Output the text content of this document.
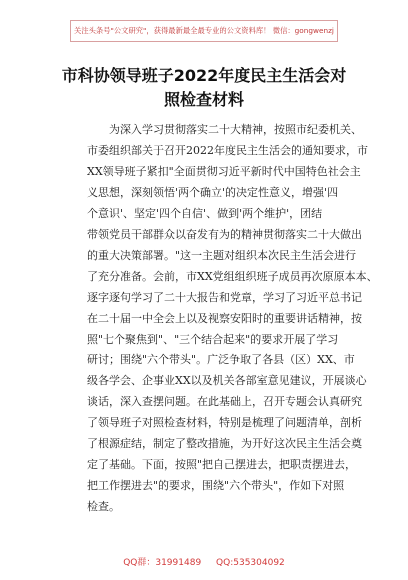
关注头条号"公文研究"，获得最新最全最专业的公文资料库！ 微信：gongwenzj
市科协领导班子2022年度民主生活会对
照检查材料
为深入学习贯彻落实二十大精神，按照市纪委机关、
市委组织部关于召开2022年度民主生活会的通知要求，市
XX领导班子紧扣"全面贯彻习近平新时代中国特色社会主
义思想，深刻领悟'两个确立'的决定性意义，增强'四
个意识'、坚定'四个自信'、做到'两个维护'，团结
带领党员干部群众以奋发有为的精神贯彻落实二十大做出
的重大决策部署。"这一主题对组织本次民主生活会进行
了充分准备。会前，市XX党组组织班子成员再次原原本本、
逐字逐句学习了二十大报告和党章，学习了习近平总书记
在二十届一中全会上以及视察安阳时的重要讲话精神，按
照"七个聚焦到"、"三个结合起来"的要求开展了学习
研讨；围绕"六个带头"。广泛争取了各县（区）XX、市
级各学会、企事业XX以及机关各部室意见建议，开展谈心
谈话，深入查摆问题。在此基础上，召开专题会认真研究
了领导班子对照检查材料，特别是梳理了问题清单，剖析
了根源症结，制定了整改措施，为开好这次民主生活会奠
定了基础。下面，按照"把自己摆进去，把职责摆进去，
把工作摆进去"的要求，围绕"六个带头"，作如下对照
检查。
QQ群：31991489 QQ:535304092
